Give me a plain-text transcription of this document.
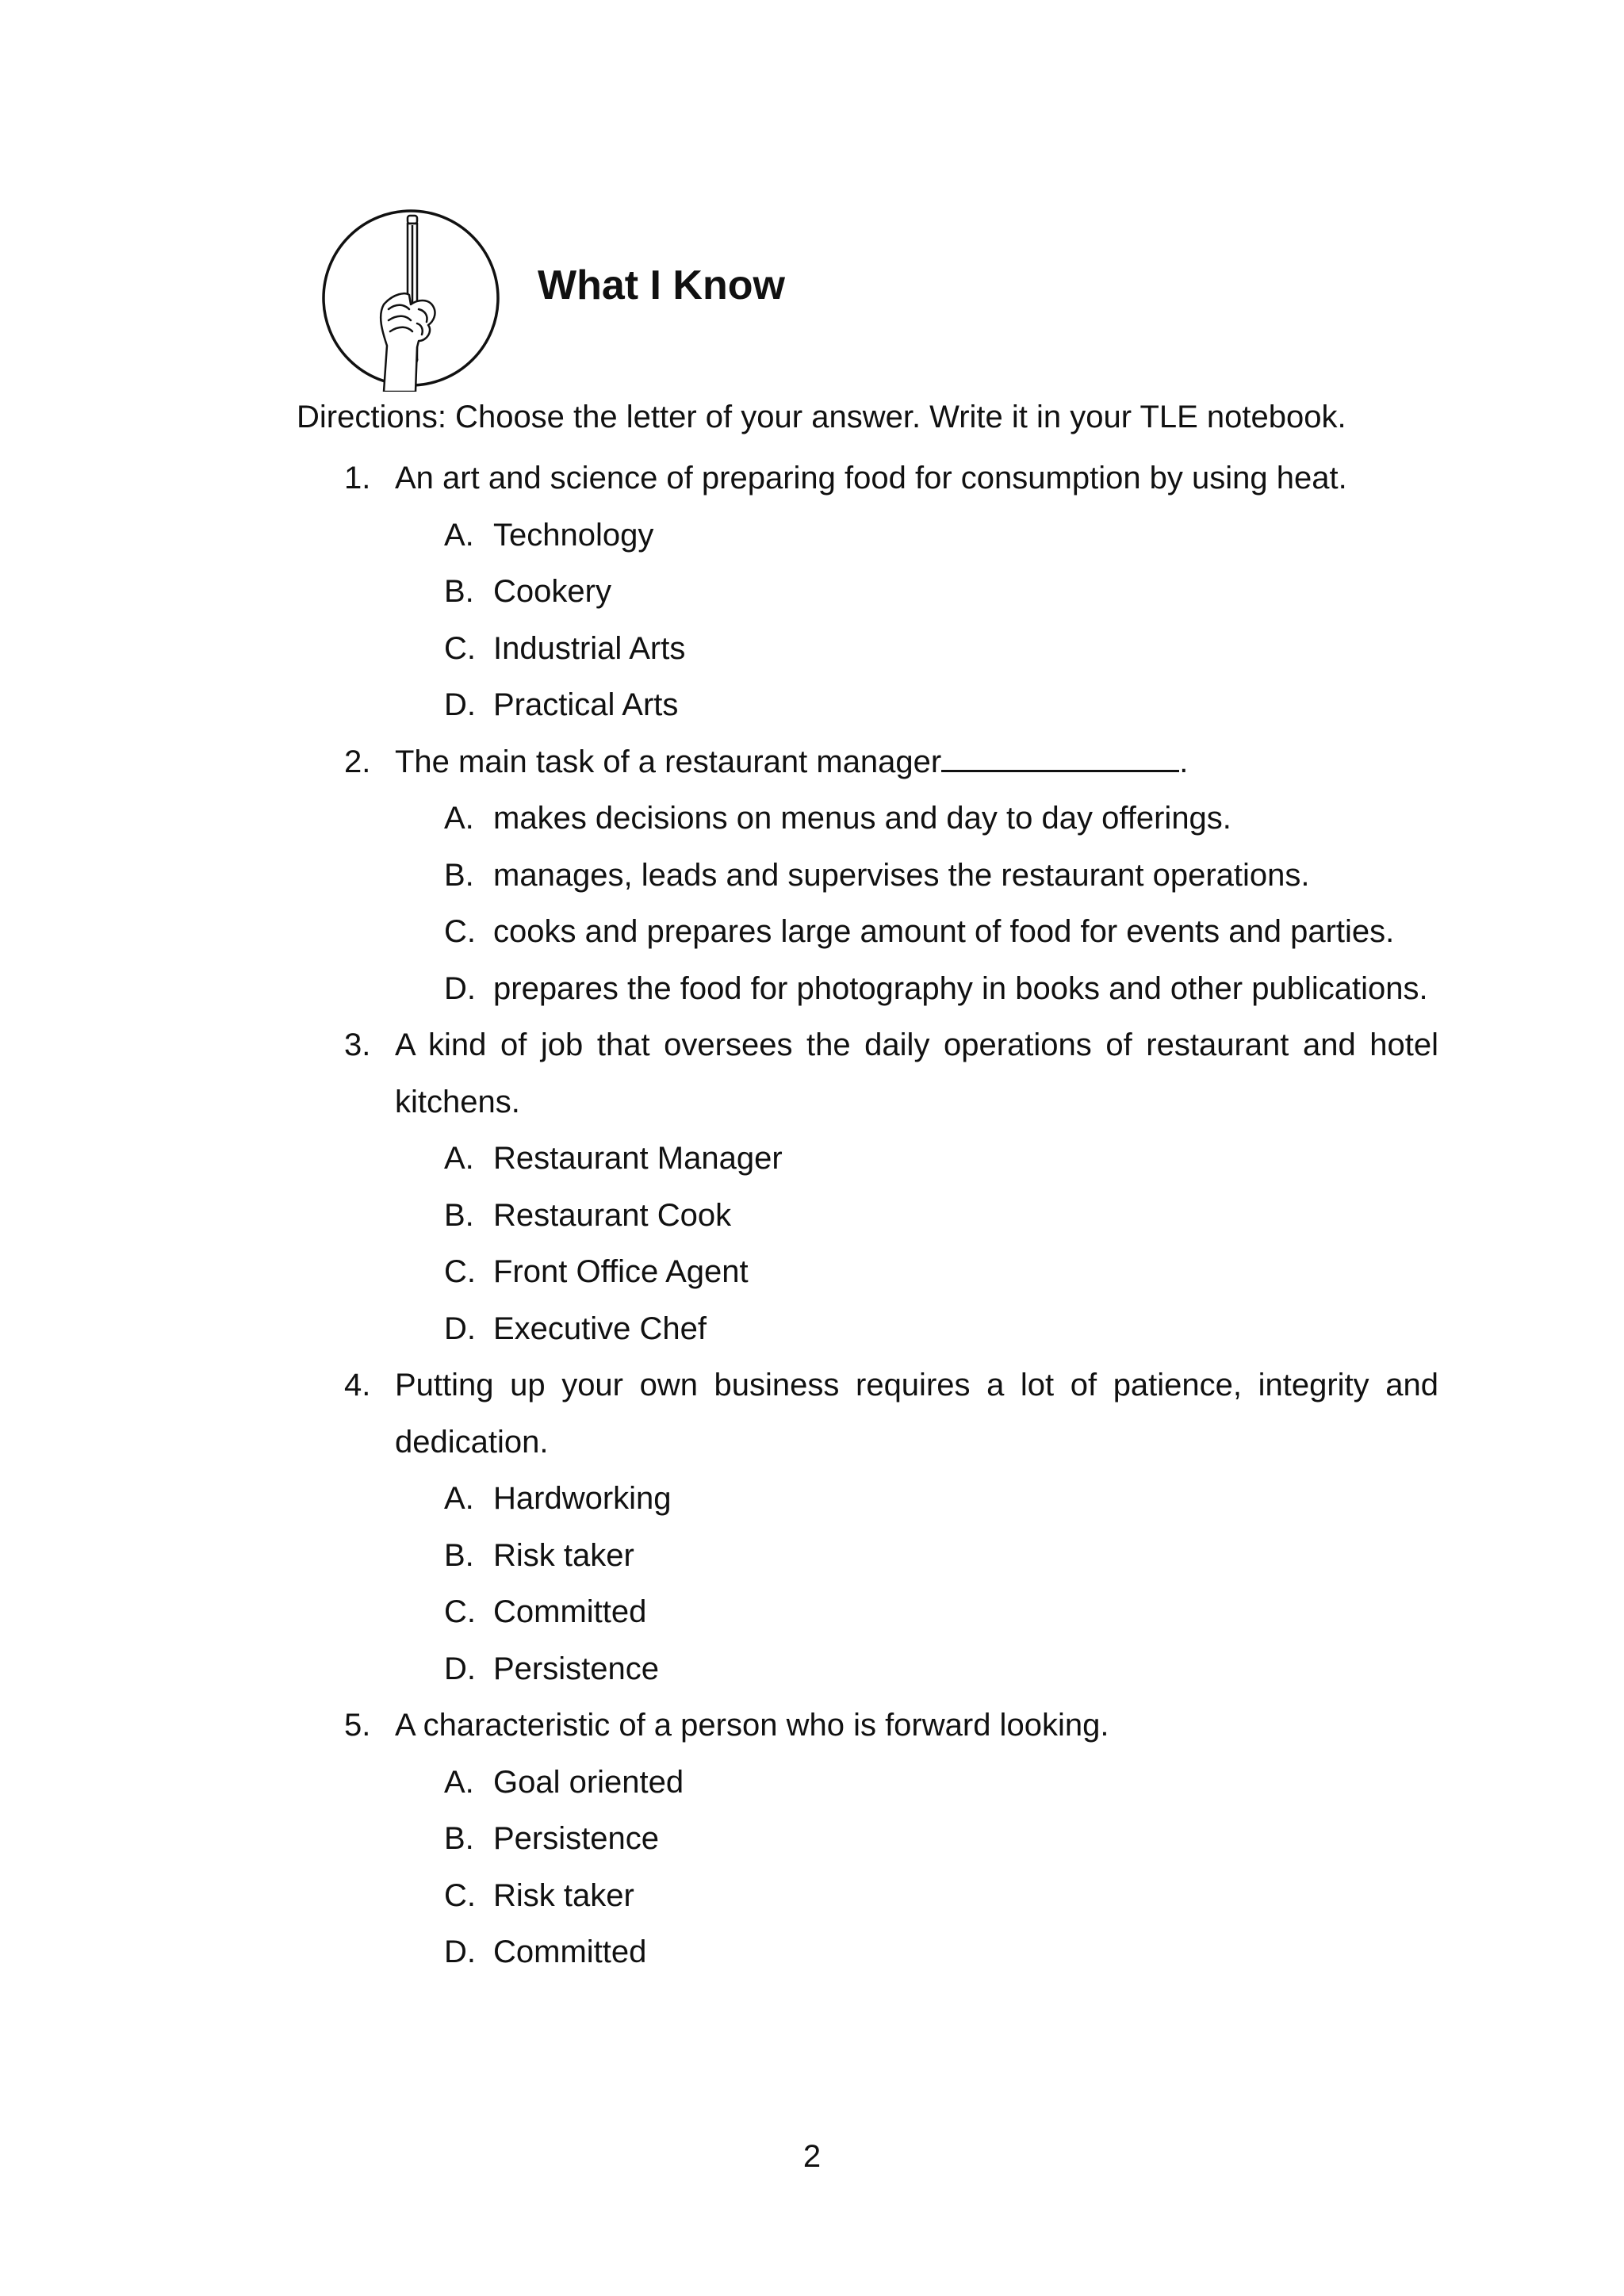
What I Know
Directions: Choose the letter of your answer. Write it in your TLE notebook.
1. An art and science of preparing food for consumption by using heat.
A. Technology
B. Cookery
C. Industrial Arts
D. Practical Arts
2. The main task of a restaurant manager	.
A. makes decisions on menus and day to day offerings.
B. manages, leads and supervises the restaurant operations.
C. cooks and prepares large amount of food for events and parties.
D. prepares the food for photography in books and other publications.
3. A kind of job that oversees the daily operations of restaurant and hotel kitchens.
A. Restaurant Manager
B. Restaurant Cook
C. Front Office Agent
D. Executive Chef
4. Putting up your own business requires a lot of patience, integrity and dedication.
A. Hardworking
B. Risk taker
C. Committed
D. Persistence
5. A characteristic of a person who is forward looking.
A. Goal oriented
B. Persistence
C. Risk taker
D. Committed
2
